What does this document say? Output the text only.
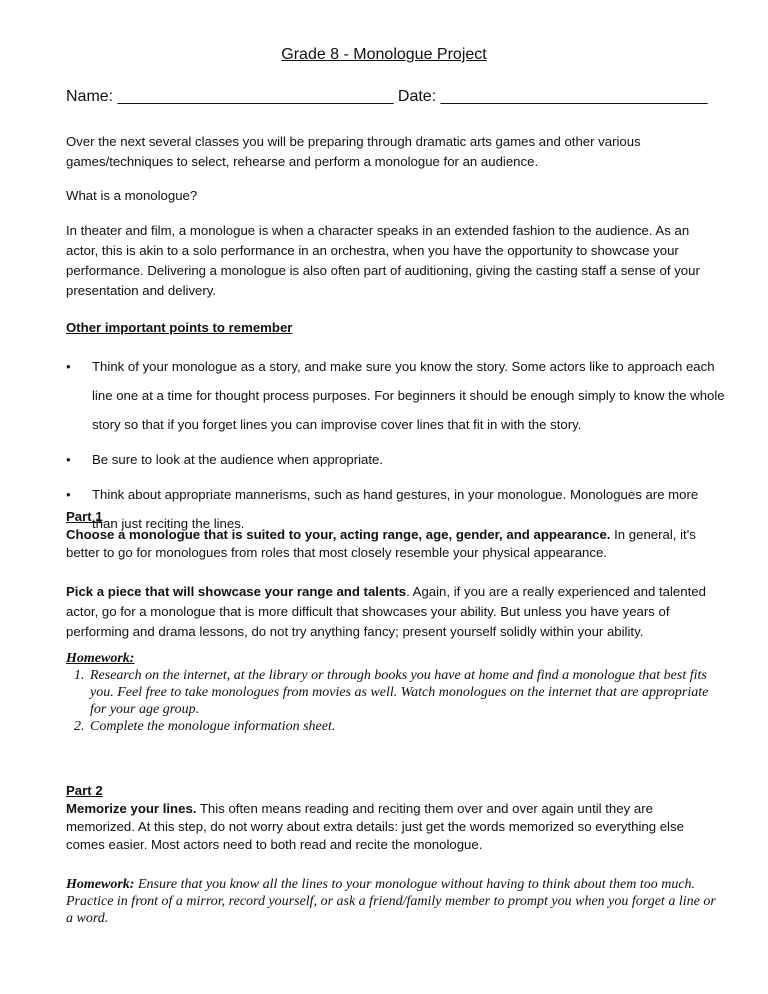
Grade 8 - Monologue Project
Name: _______________________________ Date: ______________________________
Over the next several classes you will be preparing through dramatic arts games and other various games/techniques to select, rehearse and perform a monologue for an audience.
What is a monologue?
In theater and film, a monologue is when a character speaks in an extended fashion to the audience. As an actor, this is akin to a solo performance in an orchestra, when you have the opportunity to showcase your performance. Delivering a monologue is also often part of auditioning, giving the casting staff a sense of your presentation and delivery.
Other important points to remember
• Think of your monologue as a story, and make sure you know the story. Some actors like to approach each line one at a time for thought process purposes. For beginners it should be enough simply to know the whole story so that if you forget lines you can improvise cover lines that fit in with the story.
• Be sure to look at the audience when appropriate.
• Think about appropriate mannerisms, such as hand gestures, in your monologue. Monologues are more than just reciting the lines.
Part 1
Choose a monologue that is suited to your, acting range, age, gender, and appearance. In general, it's better to go for monologues from roles that most closely resemble your physical appearance.
Pick a piece that will showcase your range and talents. Again, if you are a really experienced and talented actor, go for a monologue that is more difficult that showcases your ability. But unless you have years of performing and drama lessons, do not try anything fancy; present yourself solidly within your ability.
Homework:
1. Research on the internet, at the library or through books you have at home and find a monologue that best fits you. Feel free to take monologues from movies as well. Watch monologues on the internet that are appropriate for your age group.
2. Complete the monologue information sheet.
Part 2
Memorize your lines. This often means reading and reciting them over and over again until they are memorized. At this step, do not worry about extra details: just get the words memorized so everything else comes easier. Most actors need to both read and recite the monologue.
Homework: Ensure that you know all the lines to your monologue without having to think about them too much. Practice in front of a mirror, record yourself, or ask a friend/family member to prompt you when you forget a line or a word.
